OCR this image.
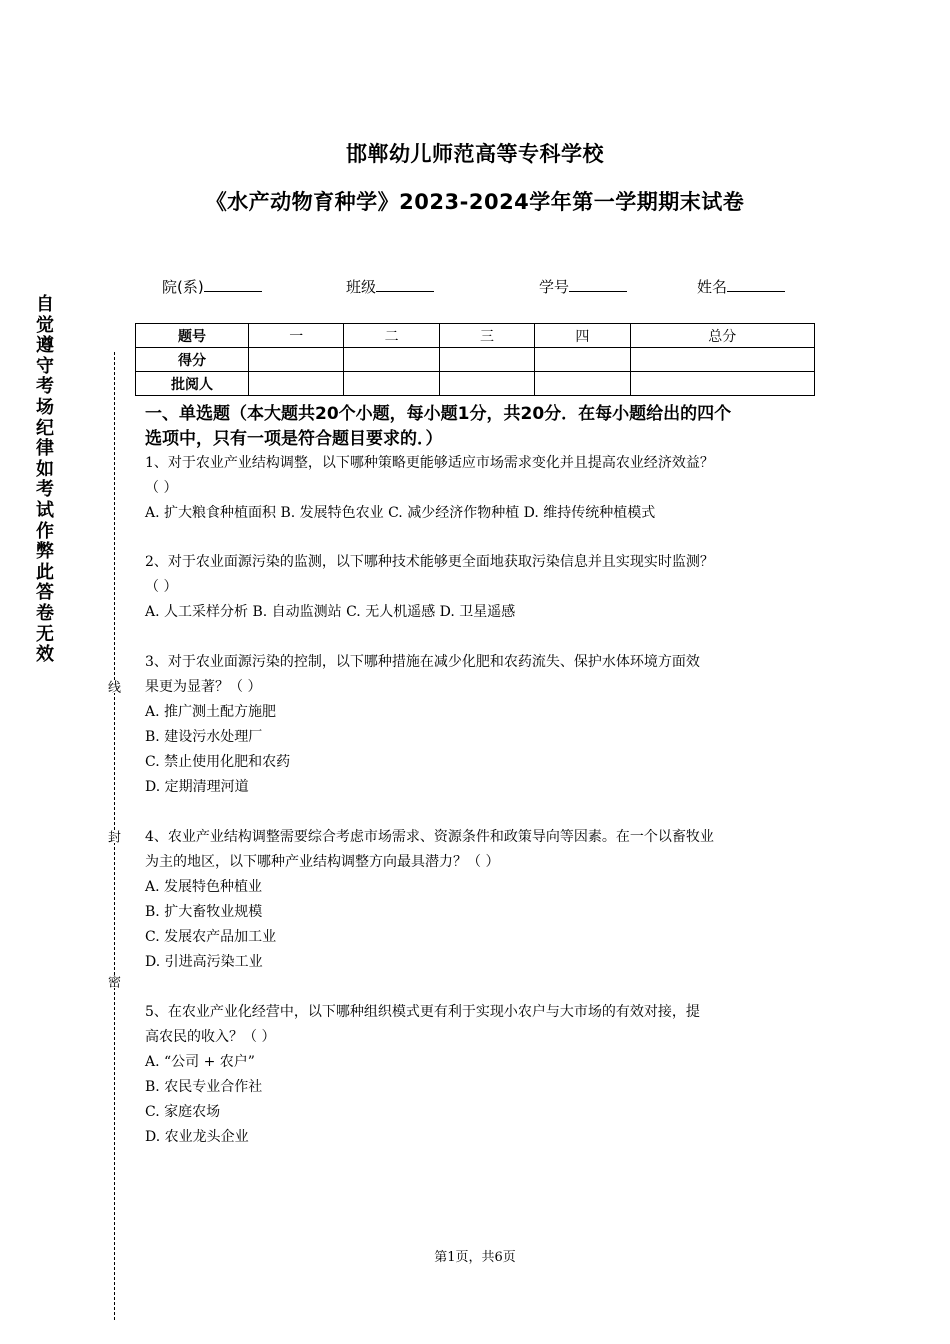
邯郸幼儿师范高等专科学校
《水产动物育种学》2023-2024学年第一学期期末试卷
院(系)	班级	学号	姓名
题号	一	二	三	四	总分
得分					
批阅人					
一、单选题（本大题共20个小题，每小题1分，共20分．在每小题给出的四个
选项中，只有一项是符合题目要求的．）
1、对于农业产业结构调整，以下哪种策略更能够适应市场需求变化并且提高农业经济效益？
（ ）
A. 扩大粮食种植面积 B. 发展特色农业 C. 减少经济作物种植 D. 维持传统种植模式
2、对于农业面源污染的监测，以下哪种技术能够更全面地获取污染信息并且实现实时监测？
（ ）
A. 人工采样分析 B. 自动监测站 C. 无人机遥感 D. 卫星遥感
3、对于农业面源污染的控制，以下哪种措施在减少化肥和农药流失、保护水体环境方面效
果更为显著？（ ）
A. 推广测土配方施肥
B. 建设污水处理厂
C. 禁止使用化肥和农药
D. 定期清理河道
4、农业产业结构调整需要综合考虑市场需求、资源条件和政策导向等因素。在一个以畜牧业
为主的地区，以下哪种产业结构调整方向最具潜力？（ ）
A. 发展特色种植业
B. 扩大畜牧业规模
C. 发展农产品加工业
D. 引进高污染工业
5、在农业产业化经营中，以下哪种组织模式更有利于实现小农户与大市场的有效对接，提
高农民的收入？（ ）
A. “公司 + 农户”
B. 农民专业合作社
C. 家庭农场
D. 农业龙头企业
自觉遵守考场纪律如考试作弊此答卷无效
线
封
密
第1页，共6页
